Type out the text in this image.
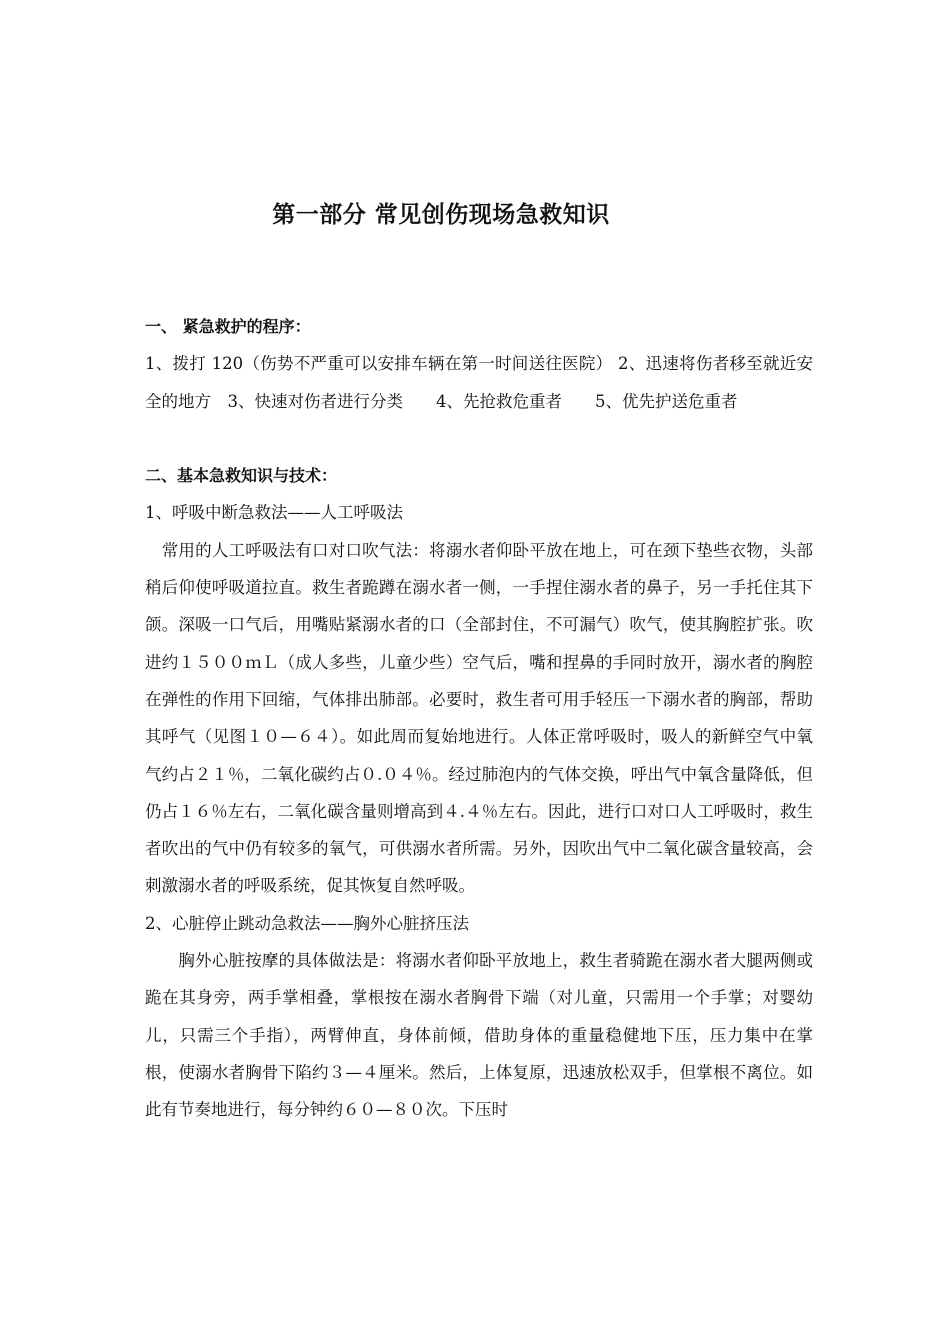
第一部分 常见创伤现场急救知识
一、 紧急救护的程序：

1、拨打 120（伤势不严重可以安排车辆在第一时间送往医院） 2、迅速将伤者移至就近安全的地方　3、快速对伤者进行分类　　4、先抢救危重者　　5、优先护送危重者

二、基本急救知识与技术：

1、呼吸中断急救法——人工呼吸法

　常用的人工呼吸法有口对口吹气法：将溺水者仰卧平放在地上，可在颈下垫些衣物，头部稍后仰使呼吸道拉直。救生者跪蹲在溺水者一侧，一手捏住溺水者的鼻子，另一手托住其下颌。深吸一口气后，用嘴贴紧溺水者的口（全部封住，不可漏气）吹气，使其胸腔扩张。吹进约１５００ｍＬ（成人多些，儿童少些）空气后，嘴和捏鼻的手同时放开，溺水者的胸腔在弹性的作用下回缩，气体排出肺部。必要时，救生者可用手轻压一下溺水者的胸部，帮助其呼气（见图１０—６４）。如此周而复始地进行。人体正常呼吸时，吸人的新鲜空气中氧气约占２１％，二氧化碳约占０.０４％。经过肺泡内的气体交换，呼出气中氧含量降低，但仍占１６％左右，二氧化碳含量则增高到４.４％左右。因此，进行口对口人工呼吸时，救生者吹出的气中仍有较多的氧气，可供溺水者所需。另外，因吹出气中二氧化碳含量较高，会刺激溺水者的呼吸系统，促其恢复自然呼吸。

2、心脏停止跳动急救法——胸外心脏挤压法

　　胸外心脏按摩的具体做法是：将溺水者仰卧平放地上，救生者骑跪在溺水者大腿两侧或跪在其身旁，两手掌相叠，掌根按在溺水者胸骨下端（对儿童，只需用一个手掌；对婴幼儿，只需三个手指），两臂伸直，身体前倾，借助身体的重量稳健地下压，压力集中在掌根，使溺水者胸骨下陷约３—４厘米。然后，上体复原，迅速放松双手，但掌根不离位。如此有节奏地进行，每分钟约６０—８０次。下压时
